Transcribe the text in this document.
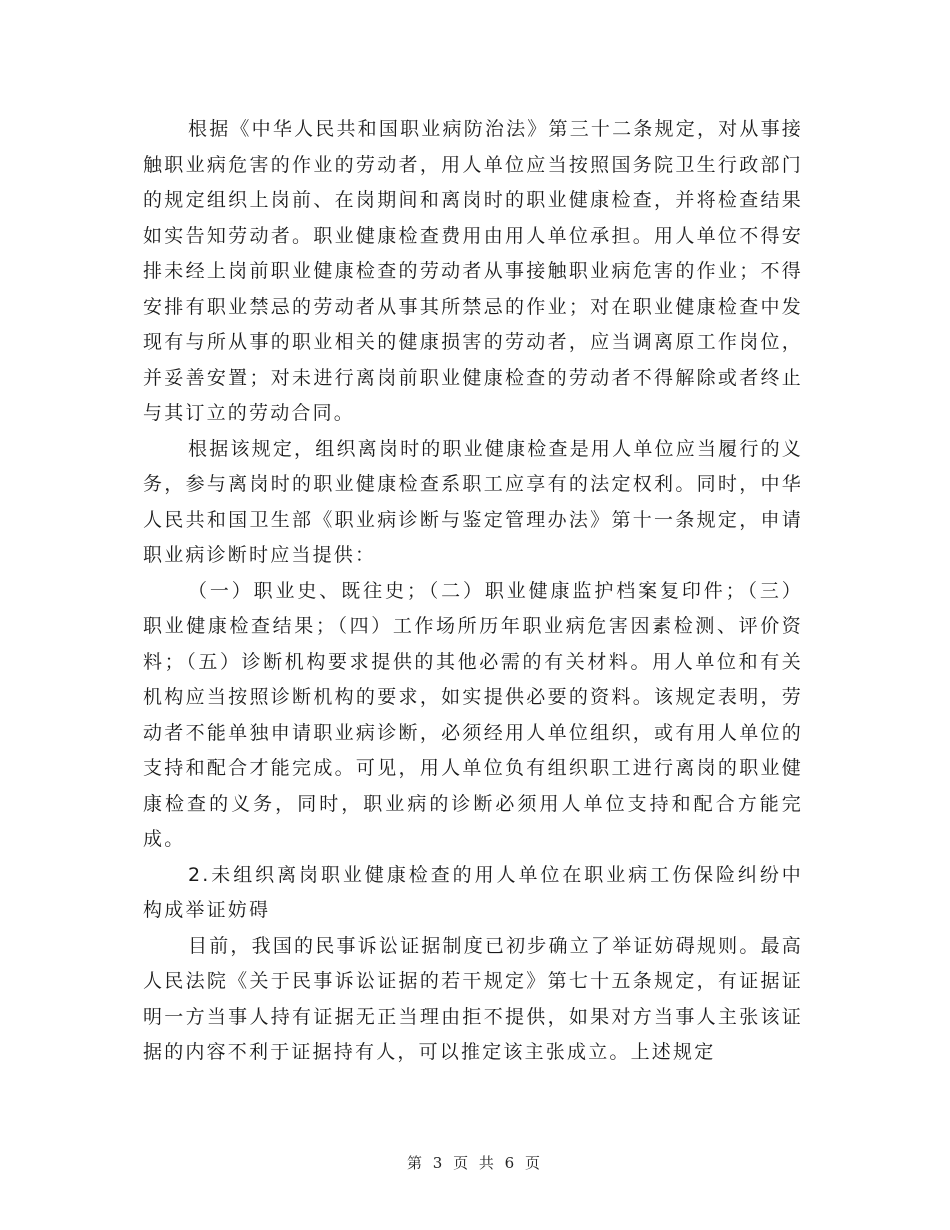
根据《中华人民共和国职业病防治法》第三十二条规定，对从事接触职业病危害的作业的劳动者，用人单位应当按照国务院卫生行政部门的规定组织上岗前、在岗期间和离岗时的职业健康检查，并将检查结果如实告知劳动者。职业健康检查费用由用人单位承担。用人单位不得安排未经上岗前职业健康检查的劳动者从事接触职业病危害的作业；不得安排有职业禁忌的劳动者从事其所禁忌的作业；对在职业健康检查中发现有与所从事的职业相关的健康损害的劳动者，应当调离原工作岗位，并妥善安置；对未进行离岗前职业健康检查的劳动者不得解除或者终止与其订立的劳动合同。

根据该规定，组织离岗时的职业健康检查是用人单位应当履行的义务，参与离岗时的职业健康检查系职工应享有的法定权利。同时，中华人民共和国卫生部《职业病诊断与鉴定管理办法》第十一条规定，申请职业病诊断时应当提供：

（一）职业史、既往史；（二）职业健康监护档案复印件；（三）职业健康检查结果；（四）工作场所历年职业病危害因素检测、评价资料；（五）诊断机构要求提供的其他必需的有关材料。用人单位和有关机构应当按照诊断机构的要求，如实提供必要的资料。该规定表明，劳动者不能单独申请职业病诊断，必须经用人单位组织，或有用人单位的支持和配合才能完成。可见，用人单位负有组织职工进行离岗的职业健康检查的义务，同时，职业病的诊断必须用人单位支持和配合方能完成。

2.未组织离岗职业健康检查的用人单位在职业病工伤保险纠纷中构成举证妨碍

目前，我国的民事诉讼证据制度已初步确立了举证妨碍规则。最高人民法院《关于民事诉讼证据的若干规定》第七十五条规定，有证据证明一方当事人持有证据无正当理由拒不提供，如果对方当事人主张该证据的内容不利于证据持有人，可以推定该主张成立。上述规定

第 3 页 共 6 页
